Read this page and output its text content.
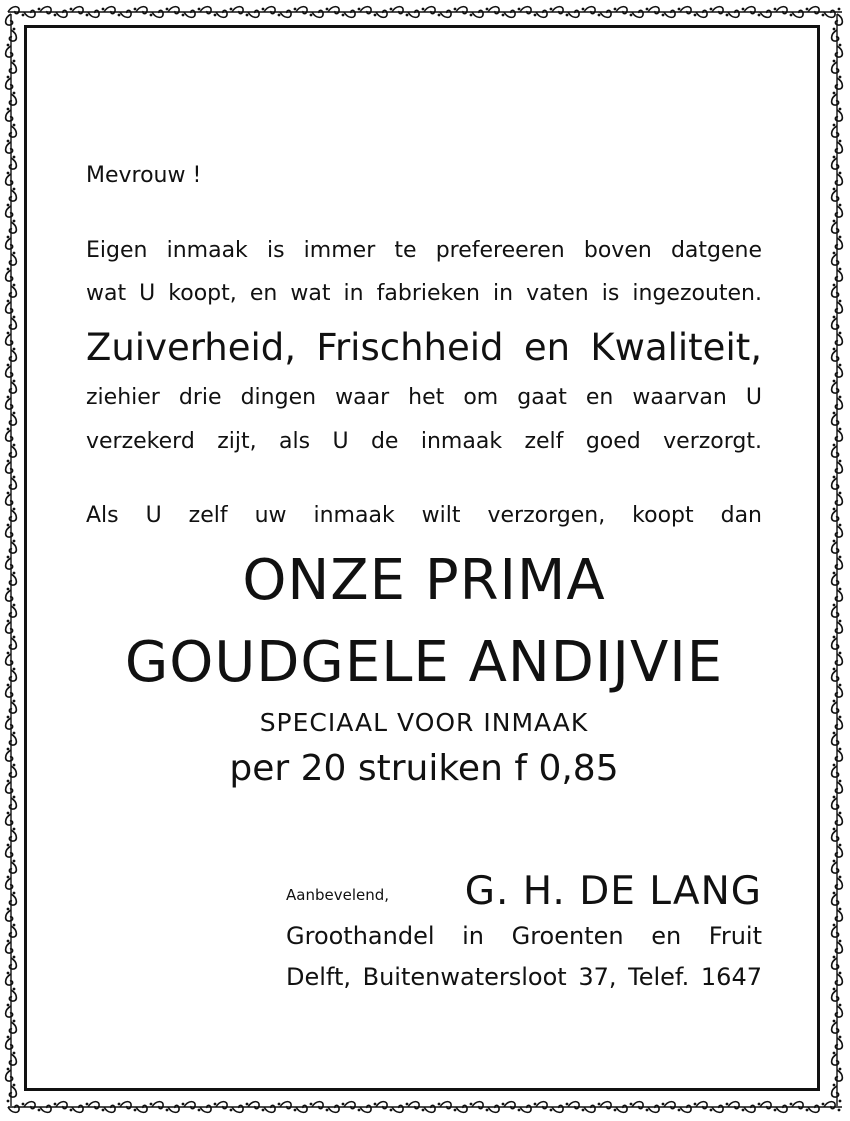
Mevrouw !

Eigen inmaak is immer te prefereeren boven datgene

wat U koopt, en wat in fabrieken in vaten is ingezouten.

Zuiverheid, Frischheid en Kwaliteit,

ziehier drie dingen waar het om gaat en waarvan U

verzekerd zijt, als U de inmaak zelf goed verzorgt.

Als U zelf uw inmaak wilt verzorgen, koopt dan

ONZE PRIMA

GOUDGELE ANDIJVIE

SPECIAAL VOOR INMAAK

per 20 struiken f 0,85

Aanbevelend, G. H. DE LANG

Groothandel in Groenten en Fruit

Delft, Buitenwatersloot 37, Telef. 1647
